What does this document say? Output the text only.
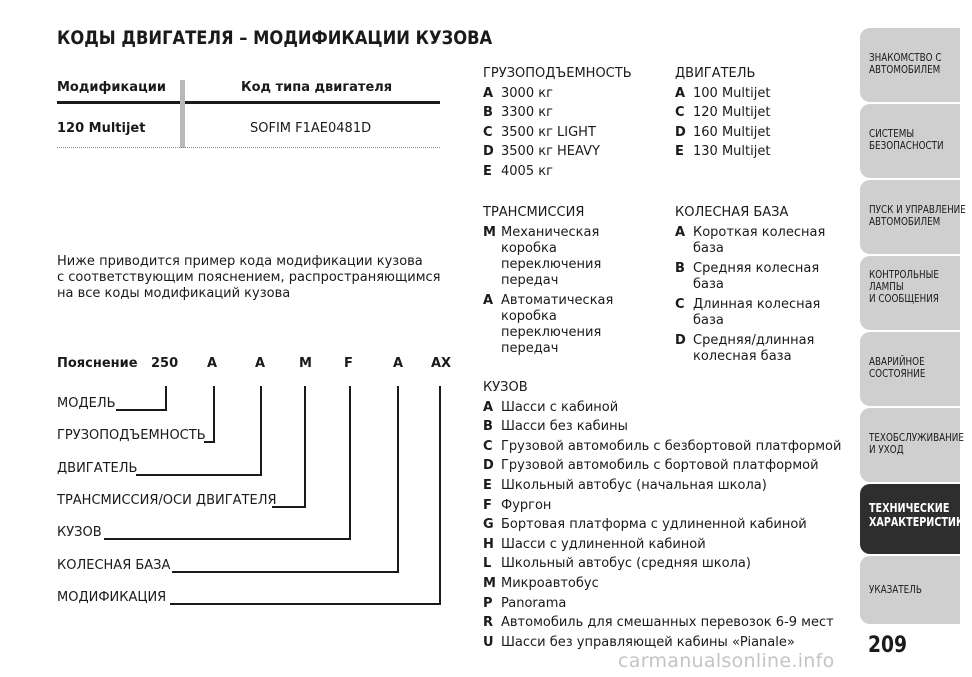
КОДЫ ДВИГАТЕЛЯ – МОДИФИКАЦИИ КУЗОВА
Модификации	Код типа двигателя
120 Multijet	SOFIM F1AE0481D
Ниже приводится пример кода модификации кузова
с соответствующим пояснением, распространяющимся
на все коды модификаций кузова
Пояснение 250 A	A	M F	A AX
МОДЕЛЬ
ГРУЗОПОДЪЕМНОСТЬ
ДВИГАТЕЛЬ
ТРАНСМИССИЯ/ОСИ ДВИГАТЕЛЯ
КУЗОВ
КОЛЕСНАЯ БАЗА
МОДИФИКАЦИЯ
ГРУЗОПОДЪЕМНОСТЬ
A 3000 кг
B 3300 кг
C 3500 кг LIGHT
D 3500 кг HEAVY
E 4005 кг
ДВИГАТЕЛЬ
A 100 Multijet
C 120 Multijet
D 160 Multijet
E 130 Multijet
ТРАНСМИССИЯ
M Механическая
коробка
переключения
передач
A Автоматическая
коробка
переключения
передач
КОЛЕСНАЯ БАЗА
A Короткая колесная
база
B Средняя колесная
база
C Длинная колесная
база
D Средняя/длинная
колесная база
КУЗОВ
A Шасси с кабиной
B Шасси без кабины
C Грузовой автомобиль с безбортовой платформой
D Грузовой автомобиль с бортовой платформой
E Школьный автобус (начальная школа)
F Фургон
G Бортовая платформа с удлиненной кабиной
H Шасси с удлиненной кабиной
L Школьный автобус (средняя школа)
M Микроавтобус
P Panorama
R Автомобиль для смешанных перевозок 6-9 мест
U Шасси без управляющей кабины «Pianale»
ЗНАКОМСТВО С
АВТОМОБИЛЕМ
СИСТЕМЫ
БЕЗОПАСНОСТИ
ПУСК И УПРАВЛЕНИЕ
АВТОМОБИЛЕМ
КОНТРОЛЬНЫЕ
ЛАМПЫ
И СООБЩЕНИЯ
АВАРИЙНОЕ
СОСТОЯНИЕ
ТЕХОБСЛУЖИВАНИЕ
И УХОД
ТЕХНИЧЕСКИЕ
ХАРАКТЕРИСТИКИ
УКАЗАТЕЛЬ
209
carmanualsonline.info
